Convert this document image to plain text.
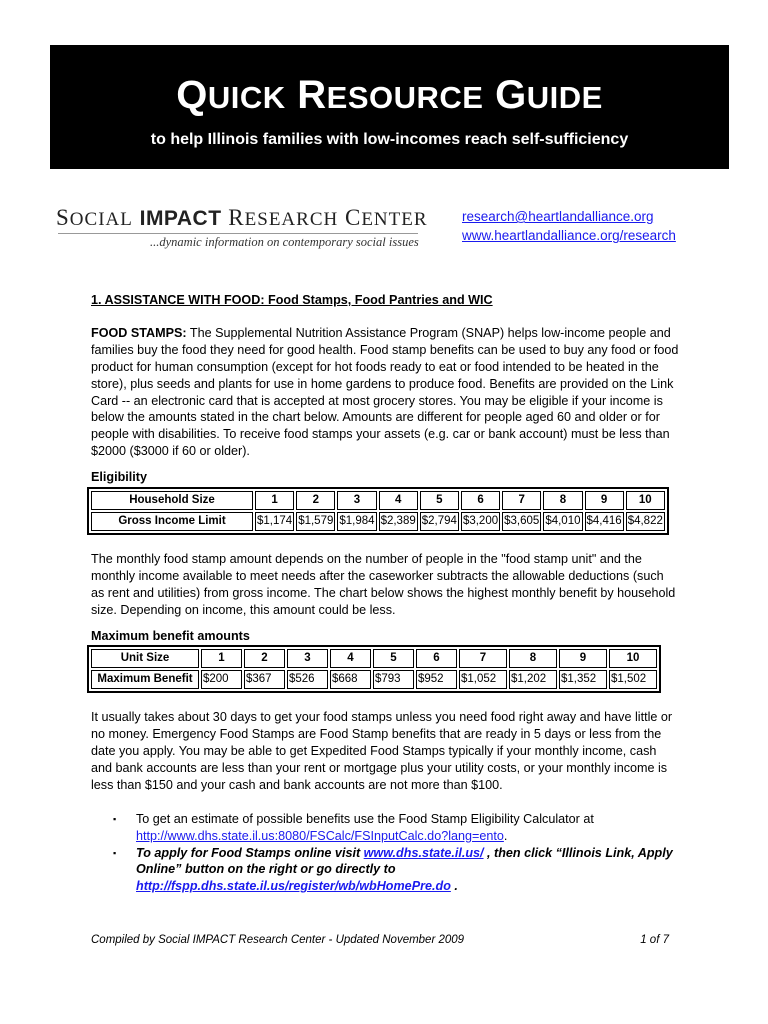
QUICK RESOURCE GUIDE
to help Illinois families with low-incomes reach self-sufficiency
SOCIAL IMPACT RESEARCH CENTER
...dynamic information on contemporary social issues
research@heartlandalliance.org
www.heartlandalliance.org/research

1. ASSISTANCE WITH FOOD: Food Stamps, Food Pantries and WIC

FOOD STAMPS: The Supplemental Nutrition Assistance Program (SNAP) helps low-income people and families buy the food they need for good health. Food stamp benefits can be used to buy any food or food product for human consumption (except for hot foods ready to eat or food intended to be heated in the store), plus seeds and plants for use in home gardens to produce food. Benefits are provided on the Link Card -- an electronic card that is accepted at most grocery stores. You may be eligible if your income is below the amounts stated in the chart below. Amounts are different for people aged 60 and older or for people with disabilities. To receive food stamps your assets (e.g. car or bank account) must be less than $2000 ($3000 if 60 or older).

Eligibility
Household Size	1	2	3	4	5	6	7	8	9	10
Gross Income Limit	$1,174	$1,579	$1,984	$2,389	$2,794	$3,200	$3,605	$4,010	$4,416	$4,822

The monthly food stamp amount depends on the number of people in the "food stamp unit" and the monthly income available to meet needs after the caseworker subtracts the allowable deductions (such as rent and utilities) from gross income. The chart below shows the highest monthly benefit by household size. Depending on income, this amount could be less.

Maximum benefit amounts
Unit Size	1	2	3	4	5	6	7	8	9	10
Maximum Benefit	$200	$367	$526	$668	$793	$952	$1,052	$1,202	$1,352	$1,502

It usually takes about 30 days to get your food stamps unless you need food right away and have little or no money. Emergency Food Stamps are Food Stamp benefits that are ready in 5 days or less from the date you apply. You may be able to get Expedited Food Stamps typically if your monthly income, cash and bank accounts are less than your rent or mortgage plus your utility costs, or your monthly income is less than $150 and your cash and bank accounts are not more than $100.

▪ To get an estimate of possible benefits use the Food Stamp Eligibility Calculator at
http://www.dhs.state.il.us:8080/FSCalc/FSInputCalc.do?lang=ento.
▪ To apply for Food Stamps online visit www.dhs.state.il.us/ , then click “Illinois Link, Apply Online” button on the right or go directly to
http://fspp.dhs.state.il.us/register/wb/wbHomePre.do .
Compiled by Social IMPACT Research Center - Updated November 2009	1 of 7
